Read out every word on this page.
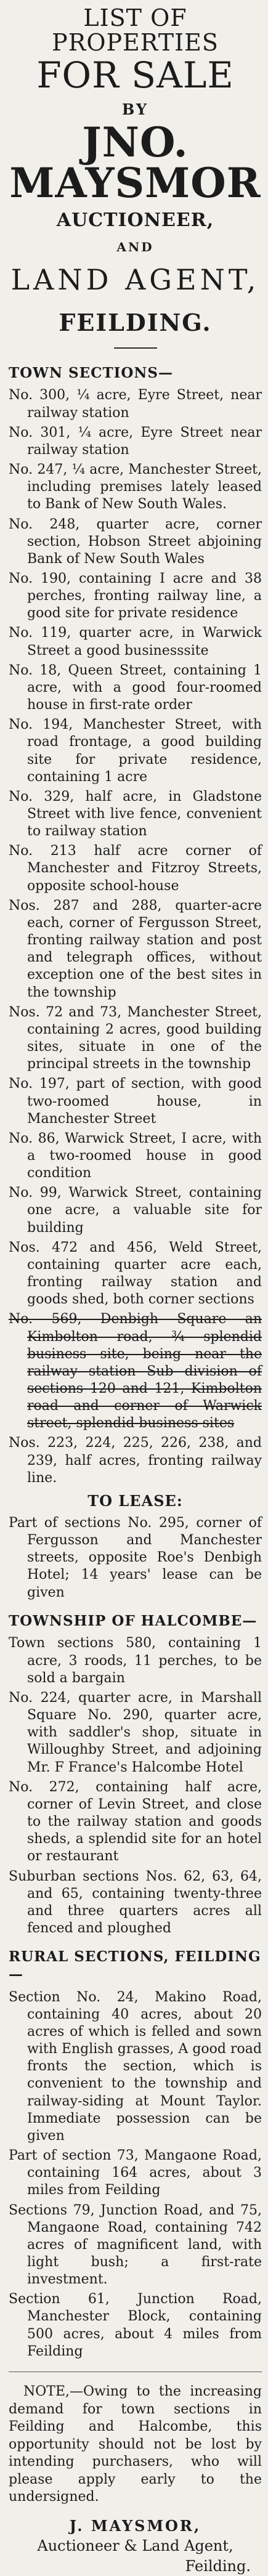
LIST OF PROPERTIES
FOR SALE
BY
JNO. MAYSMOR
AUCTIONEER,
AND
LAND AGENT,
FEILDING.
TOWN SECTIONS—
No. 300, ¼ acre, Eyre Street, near railway station
No. 301, ¼ acre, Eyre Street near railway station
No. 247, ¼ acre, Manchester Street, including premises lately leased to Bank of New South Wales.
No. 248, quarter acre, corner section, Hobson Street abjoining Bank of New South Wales
No. 190, containing I acre and 38 perches, fronting railway line, a good site for private residence
No. 119, quarter acre, in Warwick Street a good businesssite
No. 18, Queen Street, containing 1 acre, with a good four-roomed house in first-rate order
No. 194, Manchester Street, with road frontage, a good building site for private residence, containing 1 acre
No. 329, half acre, in Gladstone Street with live fence, convenient to railway station
No. 213 half acre corner of Manchester and Fitzroy Streets, opposite school-house
Nos. 287 and 288, quarter-acre each, corner of Fergusson Street, fronting railway station and post and telegraph offices, without exception one of the best sites in the township
Nos. 72 and 73, Manchester Street, containing 2 acres, good building sites, situate in one of the principal streets in the township
No. 197, part of section, with good two-roomed house, in Manchester Street
No. 86, Warwick Street, I acre, with a two-roomed house in good condition
No. 99, Warwick Street, containing one acre, a valuable site for building
Nos. 472 and 456, Weld Street, containing quarter acre each, fronting railway station and goods shed, both corner sections
No. 569, Denbigh Square an Kimbolton road, ¾ splendid business site, being near the railway station Sub division of sections 120 and 121, Kimbolton road and corner of Warwick street, splendid business sites
Nos. 223, 224, 225, 226, 238, and 239, half acres, fronting railway line.
TO LEASE:
Part of sections No. 295, corner of Fergusson and Manchester streets, opposite Roe's Denbigh Hotel; 14 years' lease can be given
TOWNSHIP OF HALCOMBE—
Town sections 580, containing 1 acre, 3 roods, 11 perches, to be sold a bargain
No. 224, quarter acre, in Marshall Square No. 290, quarter acre, with saddler's shop, situate in Willoughby Street, and adjoining Mr. F France's Halcombe Hotel
No. 272, containing half acre, corner of Levin Street, and close to the railway station and goods sheds, a splendid site for an hotel or restaurant
Suburban sections Nos. 62, 63, 64, and 65, containing twenty-three and three quarters acres all fenced and ploughed
RURAL SECTIONS, FEILDING—
Section No. 24, Makino Road, containing 40 acres, about 20 acres of which is felled and sown with English grasses, A good road fronts the section, which is convenient to the township and railway-siding at Mount Taylor. Immediate possession can be given
Part of section 73, Mangaone Road, containing 164 acres, about 3 miles from Feilding
Sections 79, Junction Road, and 75, Mangaone Road, containing 742 acres of magnificent land, with light bush; a first-rate investment.
Section 61, Junction Road, Manchester Block, containing 500 acres, about 4 miles from Feilding

NOTE,—Owing to the increasing demand for town sections in Feilding and Halcombe, this opportunity should not be lost by intending purchasers, who will please apply early to the undersigned.

J. MAYSMOR,
Auctioneer & Land Agent,
Feilding.
